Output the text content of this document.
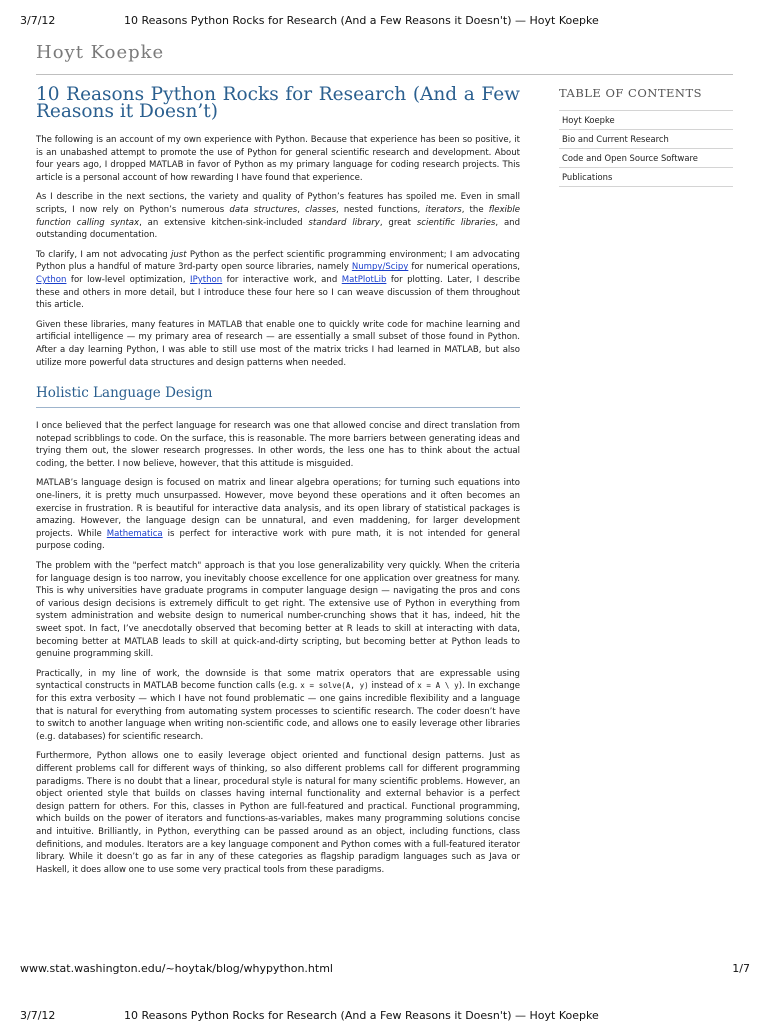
3/7/12	10 Reasons Python Rocks for Research (And a Few Reasons it Doesn't) — Hoyt Koepke
Hoyt Koepke
10 Reasons Python Rocks for Research (And a Few Reasons it Doesn’t)

The following is an account of my own experience with Python. Because that experience has been so positive, it is an unabashed attempt to promote the use of Python for general scientific research and development. About four years ago, I dropped MATLAB in favor of Python as my primary language for coding research projects. This article is a personal account of how rewarding I have found that experience.

As I describe in the next sections, the variety and quality of Python’s features has spoiled me. Even in small scripts, I now rely on Python’s numerous data structures, classes, nested functions, iterators, the flexible function calling syntax, an extensive kitchen-sink-included standard library, great scientific libraries, and outstanding documentation.

To clarify, I am not advocating just Python as the perfect scientific programming environment; I am advocating Python plus a handful of mature 3rd-party open source libraries, namely Numpy/Scipy for numerical operations, Cython for low-level optimization, IPython for interactive work, and MatPlotLib for plotting. Later, I describe these and others in more detail, but I introduce these four here so I can weave discussion of them throughout this article.

Given these libraries, many features in MATLAB that enable one to quickly write code for machine learning and artificial intelligence — my primary area of research — are essentially a small subset of those found in Python. After a day learning Python, I was able to still use most of the matrix tricks I had learned in MATLAB, but also utilize more powerful data structures and design patterns when needed.

Holistic Language Design

I once believed that the perfect language for research was one that allowed concise and direct translation from notepad scribblings to code. On the surface, this is reasonable. The more barriers between generating ideas and trying them out, the slower research progresses. In other words, the less one has to think about the actual coding, the better. I now believe, however, that this attitude is misguided.

MATLAB’s language design is focused on matrix and linear algebra operations; for turning such equations into one-liners, it is pretty much unsurpassed. However, move beyond these operations and it often becomes an exercise in frustration. R is beautiful for interactive data analysis, and its open library of statistical packages is amazing. However, the language design can be unnatural, and even maddening, for larger development projects. While Mathematica is perfect for interactive work with pure math, it is not intended for general purpose coding.

The problem with the "perfect match" approach is that you lose generalizability very quickly. When the criteria for language design is too narrow, you inevitably choose excellence for one application over greatness for many. This is why universities have graduate programs in computer language design — navigating the pros and cons of various design decisions is extremely difficult to get right. The extensive use of Python in everything from system administration and website design to numerical number-crunching shows that it has, indeed, hit the sweet spot. In fact, I’ve anecdotally observed that becoming better at R leads to skill at interacting with data, becoming better at MATLAB leads to skill at quick-and-dirty scripting, but becoming better at Python leads to genuine programming skill.

Practically, in my line of work, the downside is that some matrix operators that are expressable using syntactical constructs in MATLAB become function calls (e.g. x = solve(A, y) instead of x = A \ y). In exchange for this extra verbosity — which I have not found problematic — one gains incredible flexibility and a language that is natural for everything from automating system processes to scientific research. The coder doesn’t have to switch to another language when writing non-scientific code, and allows one to easily leverage other libraries (e.g. databases) for scientific research.

Furthermore, Python allows one to easily leverage object oriented and functional design patterns. Just as different problems call for different ways of thinking, so also different problems call for different programming paradigms. There is no doubt that a linear, procedural style is natural for many scientific problems. However, an object oriented style that builds on classes having internal functionality and external behavior is a perfect design pattern for others. For this, classes in Python are full-featured and practical. Functional programming, which builds on the power of iterators and functions-as-variables, makes many programming solutions concise and intuitive. Brilliantly, in Python, everything can be passed around as an object, including functions, class definitions, and modules. Iterators are a key language component and Python comes with a full-featured iterator library. While it doesn’t go as far in any of these categories as flagship paradigm languages such as Java or Haskell, it does allow one to use some very practical tools from these paradigms.

TABLE OF CONTENTS
Hoyt Koepke
Bio and Current Research
Code and Open Source Software
Publications
www.stat.washington.edu/~hoytak/blog/whypython.html	1/7
3/7/12	10 Reasons Python Rocks for Research (And a Few Reasons it Doesn't) — Hoyt Koepke
